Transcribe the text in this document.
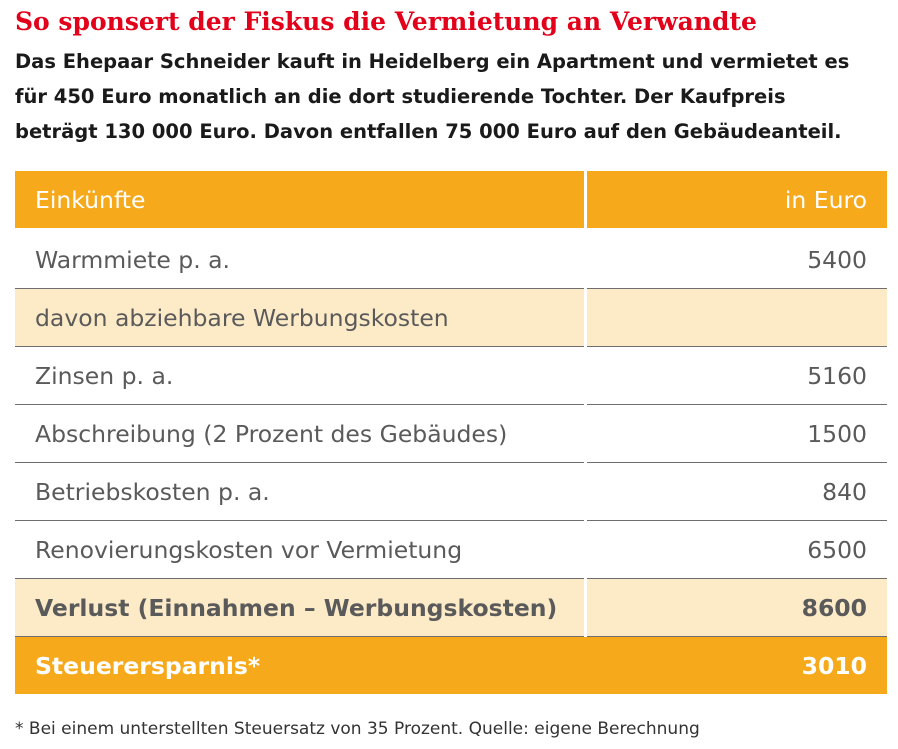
So sponsert der Fiskus die Vermietung an Verwandte
Das Ehepaar Schneider kauft in Heidelberg ein Apartment und vermietet es
für 450 Euro monatlich an die dort studierende Tochter. Der Kaufpreis
beträgt 130 000 Euro. Davon entfallen 75 000 Euro auf den Gebäudeanteil.
Einkünfte	in Euro
Warmmiete p. a.	5400
davon abziehbare Werbungskosten	
Zinsen p. a.	5160
Abschreibung (2 Prozent des Gebäudes)	1500
Betriebskosten p. a.	840
Renovierungskosten vor Vermietung	6500
Verlust (Einnahmen – Werbungskosten)	8600
Steuerersparnis*	3010
* Bei einem unterstellten Steuersatz von 35 Prozent. Quelle: eigene Berechnung
